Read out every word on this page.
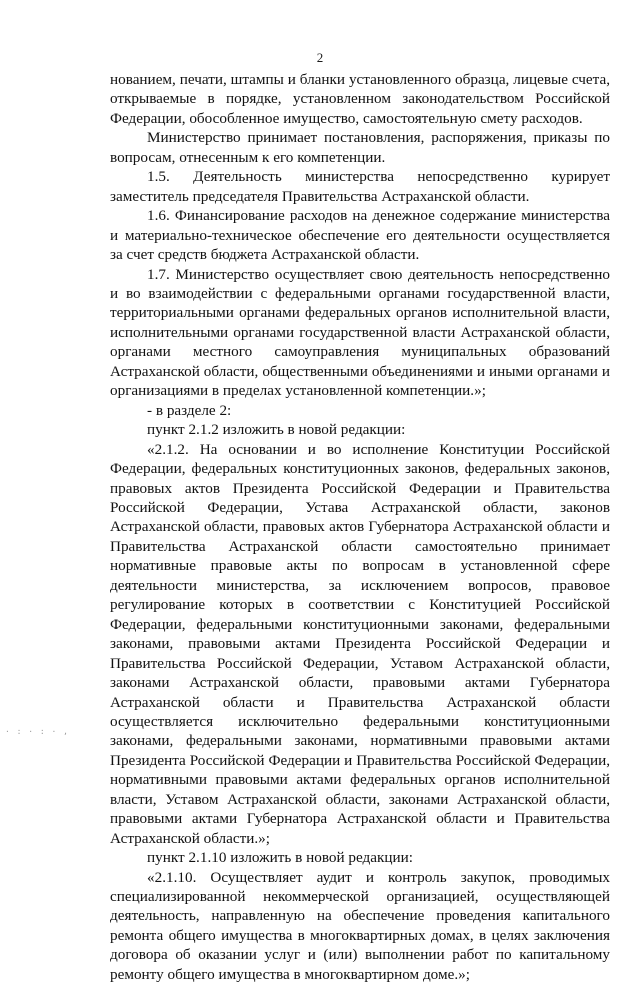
2
· : · : · ,

нованием, печати, штампы и бланки установленного образца, лицевые счета, открываемые в порядке, установленном законодательством Российской Федерации, обособленное имущество, самостоятельную смету расходов.

Министерство принимает постановления, распоряжения, приказы по вопросам, отнесенным к его компетенции.

1.5. Деятельность министерства непосредственно курирует заместитель председателя Правительства Астраханской области.

1.6. Финансирование расходов на денежное содержание министерства и материально-техническое обеспечение его деятельности осуществляется за счет средств бюджета Астраханской области.

1.7. Министерство осуществляет свою деятельность непосредственно и во взаимодействии с федеральными органами государственной власти, территориальными органами федеральных органов исполнительной власти, исполнительными органами государственной власти Астраханской области, органами местного самоуправления муниципальных образований Астраханской области, общественными объединениями и иными органами и организациями в пределах установленной компетенции.»;

- в разделе 2:

пункт 2.1.2 изложить в новой редакции:

«2.1.2. На основании и во исполнение Конституции Российской Федерации, федеральных конституционных законов, федеральных законов, правовых актов Президента Российской Федерации и Правительства Российской Федерации, Устава Астраханской области, законов Астраханской области, правовых актов Губернатора Астраханской области и Правительства Астраханской области самостоятельно принимает нормативные правовые акты по вопросам в установленной сфере деятельности министерства, за исключением вопросов, правовое регулирование которых в соответствии с Конституцией Российской Федерации, федеральными конституционными законами, федеральными законами, правовыми актами Президента Российской Федерации и Правительства Российской Федерации, Уставом Астраханской области, законами Астраханской области, правовыми актами Губернатора Астраханской области и Правительства Астраханской области осуществляется исключительно федеральными конституционными законами, федеральными законами, нормативными правовыми актами Президента Российской Федерации и Правительства Российской Федерации, нормативными правовыми актами федеральных органов исполнительной власти, Уставом Астраханской области, законами Астраханской области, правовыми актами Губернатора Астраханской области и Правительства Астраханской области.»;

пункт 2.1.10 изложить в новой редакции:

«2.1.10. Осуществляет аудит и контроль закупок, проводимых специализированной некоммерческой организацией, осуществляющей деятельность, направленную на обеспечение проведения капитального ремонта общего имущества в многоквартирных домах, в целях заключения договора об оказании услуг и (или) выполнении работ по капитальному ремонту общего имущества в многоквартирном доме.»;
